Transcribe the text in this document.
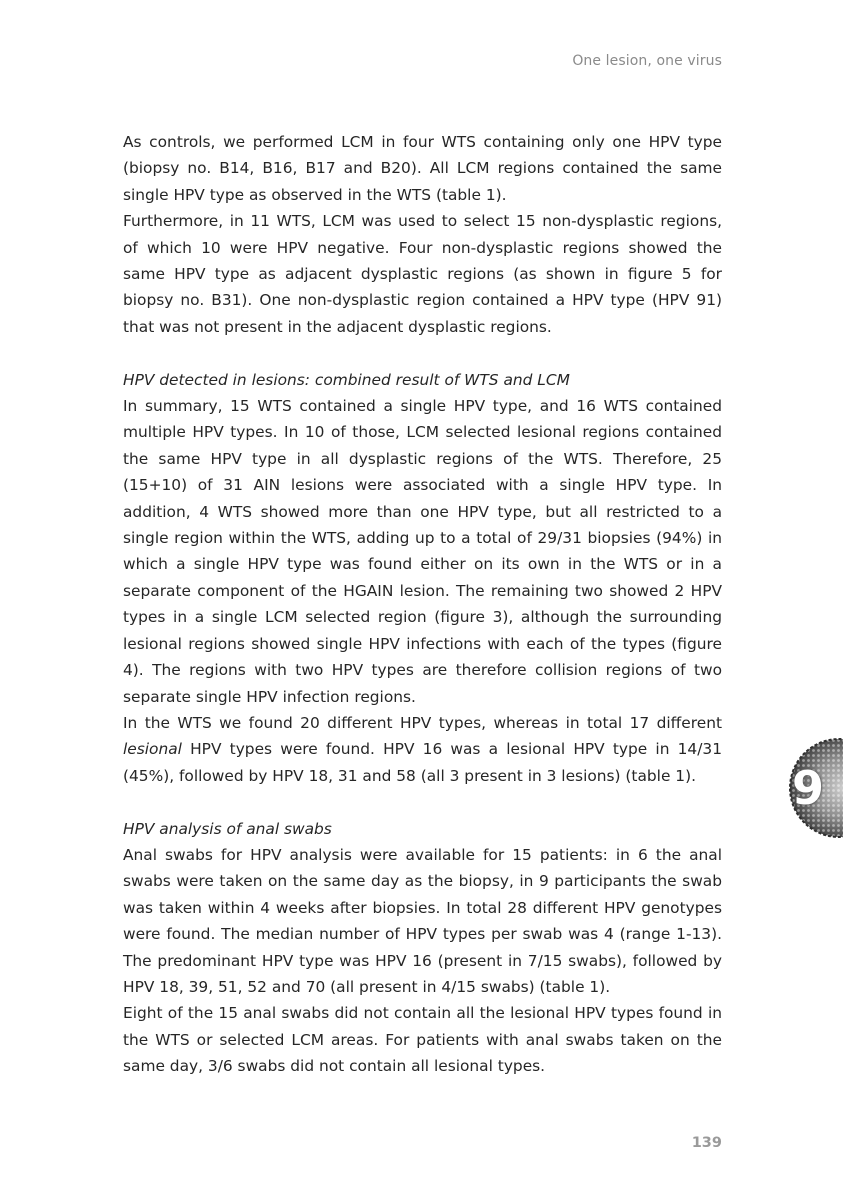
One lesion, one virus

As controls, we performed LCM in four WTS containing only one HPV type (biopsy no. B14, B16, B17 and B20). All LCM regions contained the same single HPV type as observed in the WTS (table 1).

Furthermore, in 11 WTS, LCM was used to select 15 non-dysplastic regions, of which 10 were HPV negative. Four non-dysplastic regions showed the same HPV type as adjacent dysplastic regions (as shown in figure 5 for biopsy no. B31). One non-dysplastic region contained a HPV type (HPV 91) that was not present in the adjacent dysplastic regions.

HPV detected in lesions: combined result of WTS and LCM

In summary, 15 WTS contained a single HPV type, and 16 WTS contained multiple HPV types. In 10 of those, LCM selected lesional regions contained the same HPV type in all dysplastic regions of the WTS. Therefore, 25 (15+10) of 31 AIN lesions were associated with a single HPV type. In addition, 4 WTS showed more than one HPV type, but all restricted to a single region within the WTS, adding up to a total of 29/31 biopsies (94%) in which a single HPV type was found either on its own in the WTS or in a separate component of the HGAIN lesion. The remaining two showed 2 HPV types in a single LCM selected region (figure 3), although the surrounding lesional regions showed single HPV infections with each of the types (figure 4). The regions with two HPV types are therefore collision regions of two separate single HPV infection regions.

In the WTS we found 20 different HPV types, whereas in total 17 different lesional HPV types were found. HPV 16 was a lesional HPV type in 14/31 (45%), followed by HPV 18, 31 and 58 (all 3 present in 3 lesions) (table 1).

HPV analysis of anal swabs

Anal swabs for HPV analysis were available for 15 patients: in 6 the anal swabs were taken on the same day as the biopsy, in 9 participants the swab was taken within 4 weeks after biopsies. In total 28 different HPV genotypes were found. The median number of HPV types per swab was 4 (range 1-13). The predominant HPV type was HPV 16 (present in 7/15 swabs), followed by HPV 18, 39, 51, 52 and 70 (all present in 4/15 swabs) (table 1).

Eight of the 15 anal swabs did not contain all the lesional HPV types found in the WTS or selected LCM areas. For patients with anal swabs taken on the same day, 3/6 swabs did not contain all lesional types.

9
139
